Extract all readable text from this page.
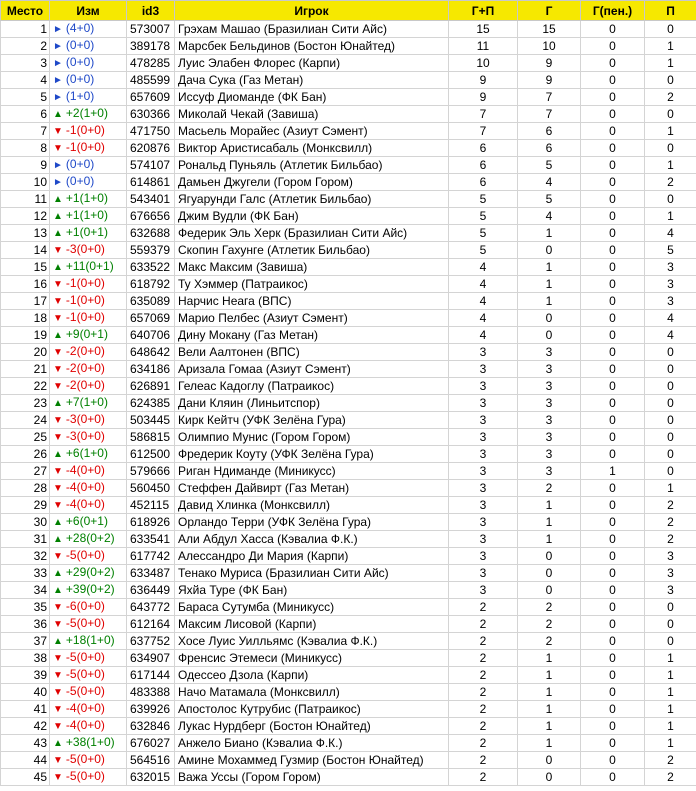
Место	Изм	id3	Игрок	Г+П	Г	Г(пен.)	П
1	► (4+0)	573007	Грэхам Машао (Бразилиан Сити Айс)	15	15	0	0
2	► (0+0)	389178	Марсбек Бельдинов (Бостон Юнайтед)	11	10	0	1
3	► (0+0)	478285	Луис Элабен Флорес (Карпи)	10	9	0	1
4	► (0+0)	485599	Дача Сука (Газ Метан)	9	9	0	0
5	► (1+0)	657609	Иссуф Диоманде (ФК Бан)	9	7	0	2
6	▲ +2(1+0)	630366	Миколай Чекай (Завиша)	7	7	0	0
7	▼ -1(0+0)	471750	Масьель Морайес (Азиут Сэмент)	7	6	0	1
8	▼ -1(0+0)	620876	Виктор Аристисабаль (Монксвилл)	6	6	0	0
9	► (0+0)	574107	Рональд Пуньяль (Атлетик Бильбао)	6	5	0	1
10	► (0+0)	614861	Дамьен Джугели (Гором Гором)	6	4	0	2
11	▲ +1(1+0)	543401	Ягуарунди Галс (Атлетик Бильбао)	5	5	0	0
12	▲ +1(1+0)	676656	Джим Вудли (ФК Бан)	5	4	0	1
13	▲ +1(0+1)	632688	Федерик Эль Херк (Бразилиан Сити Айс)	5	1	0	4
14	▼ -3(0+0)	559379	Скопин Гахунге (Атлетик Бильбао)	5	0	0	5
15	▲ +11(0+1)	633522	Макс Максим (Завиша)	4	1	0	3
16	▼ -1(0+0)	618792	Ту Хэммер (Патраикос)	4	1	0	3
17	▼ -1(0+0)	635089	Нарчис Неага (ВПС)	4	1	0	3
18	▼ -1(0+0)	657069	Марио Пелбес (Азиут Сэмент)	4	0	0	4
19	▲ +9(0+1)	640706	Дину Мокану (Газ Метан)	4	0	0	4
20	▼ -2(0+0)	648642	Вели Аалтонен (ВПС)	3	3	0	0
21	▼ -2(0+0)	634186	Аризала Гомаа (Азиут Сэмент)	3	3	0	0
22	▼ -2(0+0)	626891	Гелеас Кадоглу (Патраикос)	3	3	0	0
23	▲ +7(1+0)	624385	Дани Кляин (Линьитспор)	3	3	0	0
24	▼ -3(0+0)	503445	Кирк Кейтч (УФК Зелёна Гура)	3	3	0	0
25	▼ -3(0+0)	586815	Олимпио Мунис (Гором Гором)	3	3	0	0
26	▲ +6(1+0)	612500	Фредерик Коуту (УФК Зелёна Гура)	3	3	0	0
27	▼ -4(0+0)	579666	Риган Ндиманде (Миникусс)	3	3	1	0
28	▼ -4(0+0)	560450	Стеффен Дайвирт (Газ Метан)	3	2	0	1
29	▼ -4(0+0)	452115	Давид Хлинка (Монксвилл)	3	1	0	2
30	▲ +6(0+1)	618926	Орландо Терри (УФК Зелёна Гура)	3	1	0	2
31	▲ +28(0+2)	633541	Али Абдул Хасса (Кэвалиа Ф.К.)	3	1	0	2
32	▼ -5(0+0)	617742	Алессандро Ди Мария (Карпи)	3	0	0	3
33	▲ +29(0+2)	633487	Тенако Муриса (Бразилиан Сити Айс)	3	0	0	3
34	▲ +39(0+2)	636449	Яхйа Туре (ФК Бан)	3	0	0	3
35	▼ -6(0+0)	643772	Бараса Сутумба (Миникусс)	2	2	0	0
36	▼ -5(0+0)	612164	Максим Лисовой (Карпи)	2	2	0	0
37	▲ +18(1+0)	637752	Хосе Луис Уилльямс (Кэвалиа Ф.К.)	2	2	0	0
38	▼ -5(0+0)	634907	Френсис Этемеси (Миникусс)	2	1	0	1
39	▼ -5(0+0)	617144	Одессео Дзола (Карпи)	2	1	0	1
40	▼ -5(0+0)	483388	Начо Матамала (Монксвилл)	2	1	0	1
41	▼ -4(0+0)	639926	Апостолос Кутрубис (Патраикос)	2	1	0	1
42	▼ -4(0+0)	632846	Лукас Нурдберг (Бостон Юнайтед)	2	1	0	1
43	▲ +38(1+0)	676027	Анжело Биано (Кэвалиа Ф.К.)	2	1	0	1
44	▼ -5(0+0)	564516	Амине Мохаммед Гузмир (Бостон Юнайтед)	2	0	0	2
45	▼ -5(0+0)	632015	Важа Уссы (Гором Гором)	2	0	0	2
